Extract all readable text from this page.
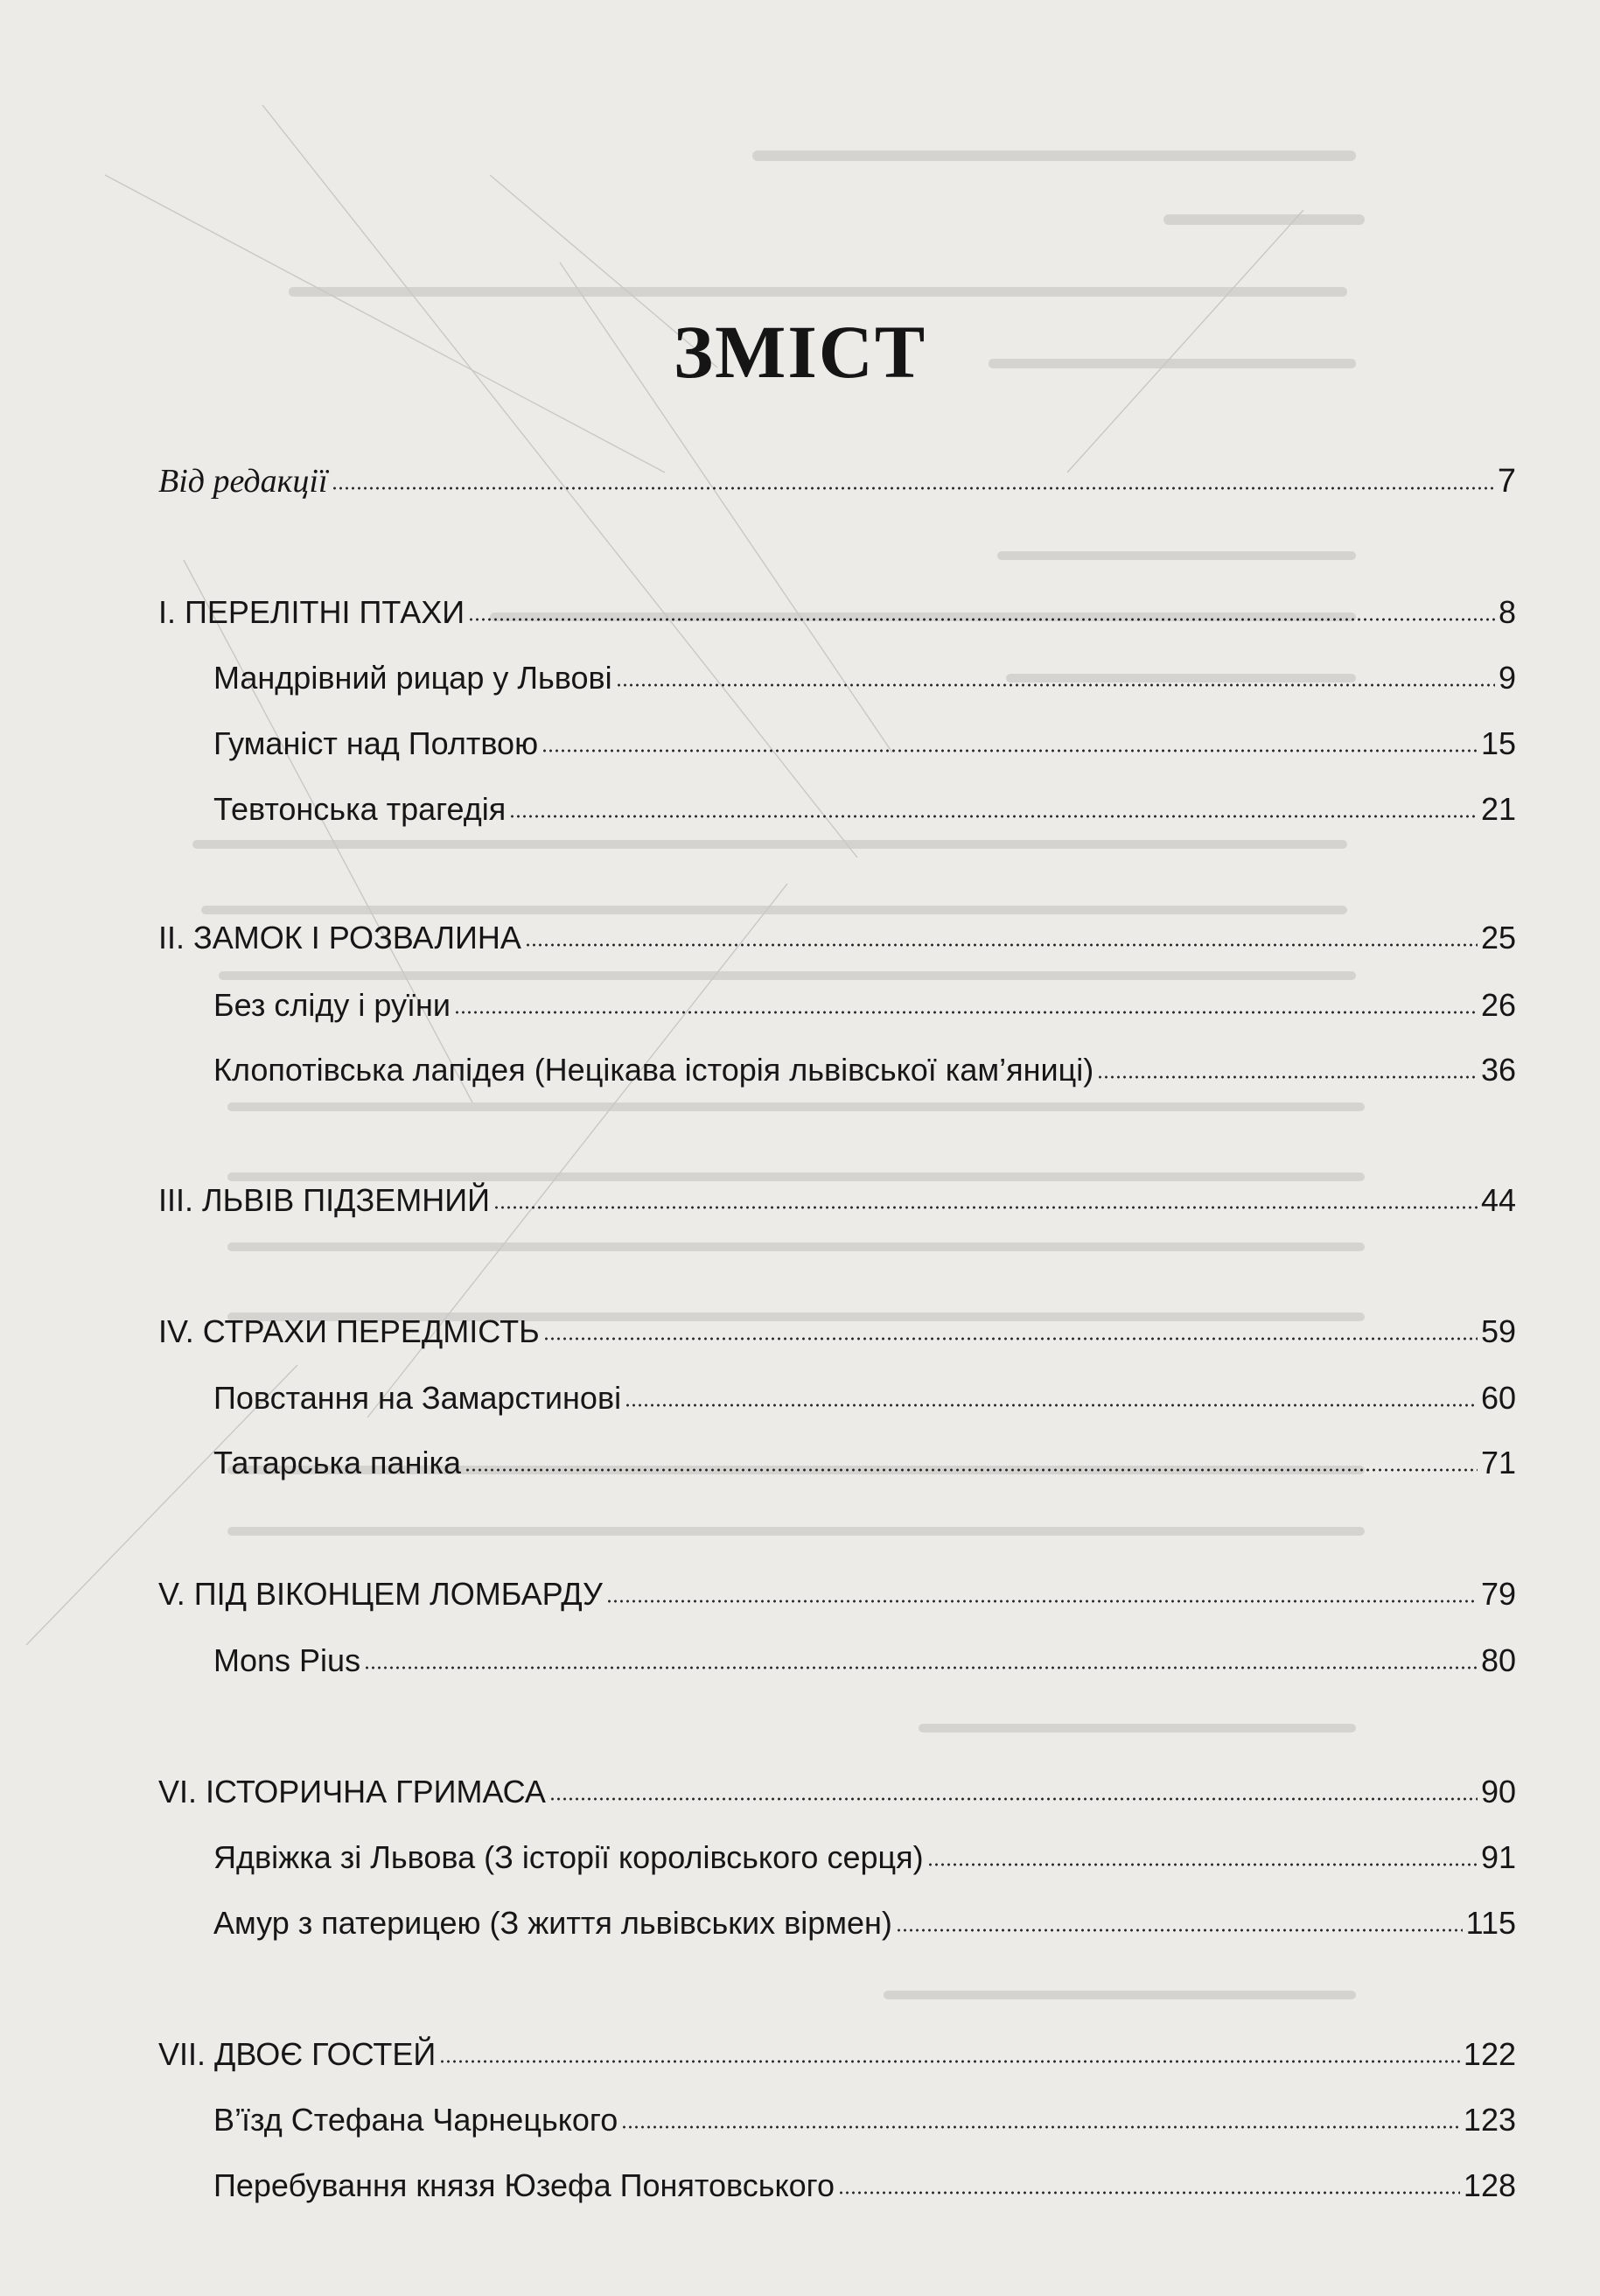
ЗМІСТ
Від редакції	7
І. ПЕРЕЛІТНІ ПТАХИ	8
Мандрівний рицар у Львові	9
Гуманіст над Полтвою	15
Тевтонська трагедія	21
ІІ. ЗАМОК І РОЗВАЛИНА	25
Без сліду і руїни	26
Клопотівська лапідея (Нецікава історія львівської кам’яниці)	36
ІІІ. ЛЬВІВ ПІДЗЕМНИЙ	44
IV. СТРАХИ ПЕРЕДМІСТЬ	59
Повстання на Замарстинові	60
Татарська паніка	71
V. ПІД ВІКОНЦЕМ ЛОМБАРДУ	79
Mons Pius	80
VI. ІСТОРИЧНА ГРИМАСА	90
Ядвіжка зі Львова (З історії королівського серця)	91
Амур з патерицею (З життя львівських вірмен)	115
VII. ДВОЄ ГОСТЕЙ	122
В’їзд Стефана Чарнецького	123
Перебування князя Юзефа Понятовського	128
